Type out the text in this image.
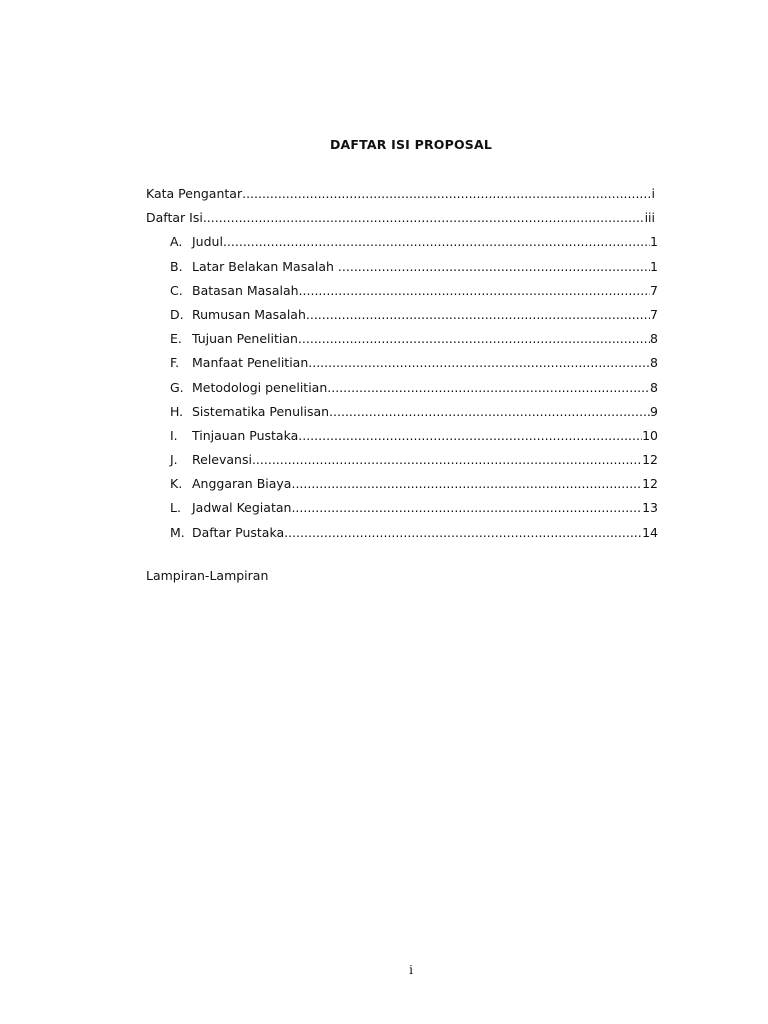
DAFTAR ISI PROPOSAL
Kata Pengantar .....	i
Daftar Isi .....	iii
A. Judul .....	1
B. Latar Belakan Masalah .....	1
C. Batasan Masalah .....	7
D. Rumusan Masalah .....	7
E. Tujuan Penelitian .....	8
F.	Manfaat Penelitian .....	8
G. Metodologi penelitian .....	8
H. Sistematika Penulisan .....	9
I.	Tinjauan Pustaka .....	10
J.	Relevansi .....	12
K. Anggaran Biaya .....	12
L. Jadwal Kegiatan .....	13
M. Daftar Pustaka .....	14
Lampiran-Lampiran
i
